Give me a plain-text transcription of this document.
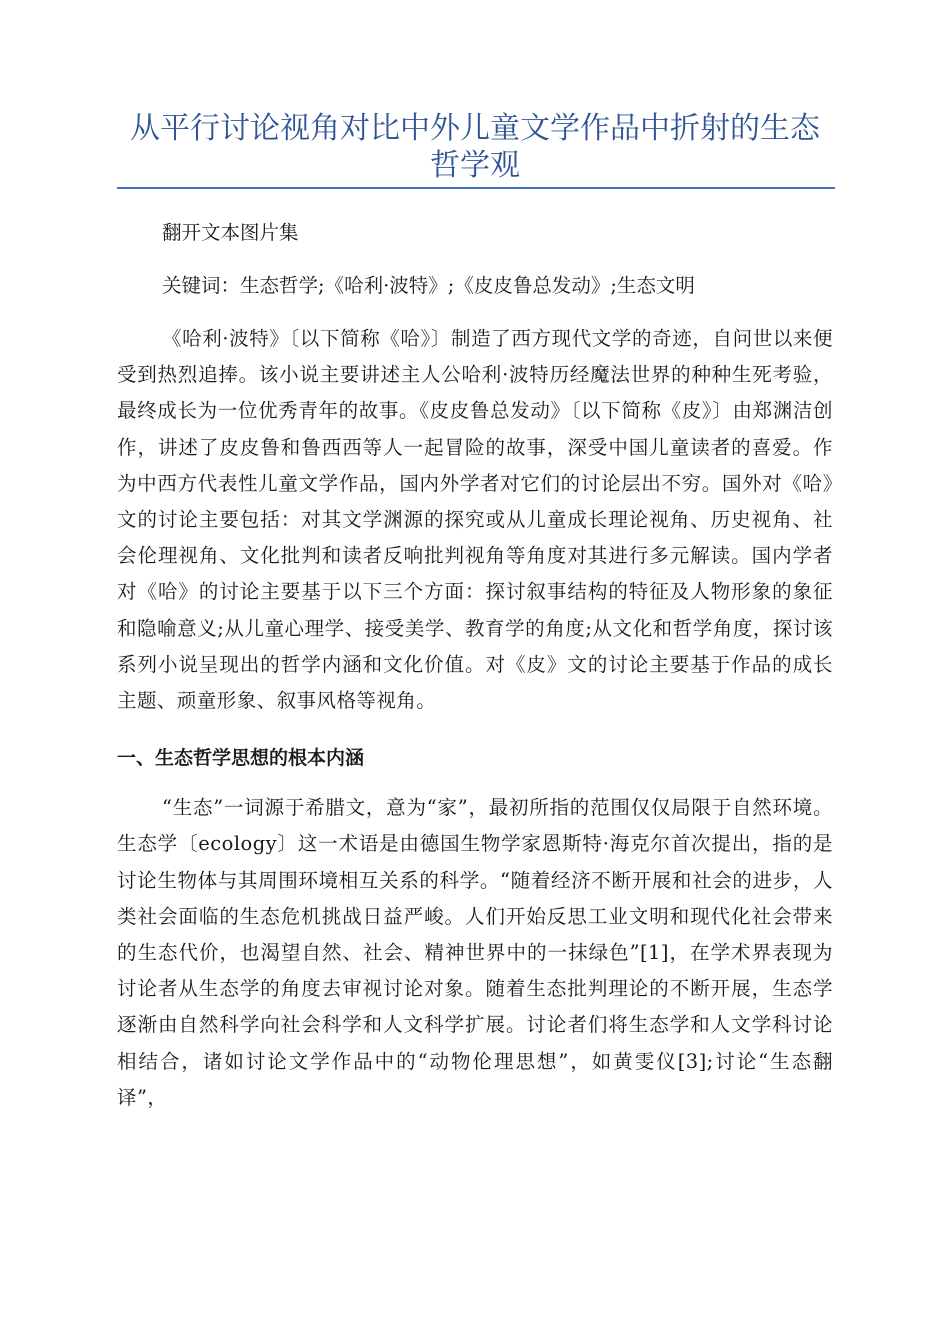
从平行讨论视角对比中外儿童文学作品中折射的生态哲学观

翻开文本图片集

关键词：生态哲学;《哈利·波特》;《皮皮鲁总发动》;生态文明

《哈利·波特》〔以下简称《哈》〕制造了西方现代文学的奇迹，自问世以来便受到热烈追捧。该小说主要讲述主人公哈利·波特历经魔法世界的种种生死考验，最终成长为一位优秀青年的故事。《皮皮鲁总发动》〔以下简称《皮》〕由郑渊洁创作，讲述了皮皮鲁和鲁西西等人一起冒险的故事，深受中国儿童读者的喜爱。作为中西方代表性儿童文学作品，国内外学者对它们的讨论层出不穷。国外对《哈》文的讨论主要包括：对其文学渊源的探究或从儿童成长理论视角、历史视角、社会伦理视角、文化批判和读者反响批判视角等角度对其进行多元解读。国内学者对《哈》的讨论主要基于以下三个方面：探讨叙事结构的特征及人物形象的象征和隐喻意义;从儿童心理学、接受美学、教育学的角度;从文化和哲学角度，探讨该系列小说呈现出的哲学内涵和文化价值。对《皮》文的讨论主要基于作品的成长主题、顽童形象、叙事风格等视角。

一、生态哲学思想的根本内涵

“生态”一词源于希腊文，意为“家”，最初所指的范围仅仅局限于自然环境。生态学〔ecology〕这一术语是由德国生物学家恩斯特·海克尔首次提出，指的是讨论生物体与其周围环境相互关系的科学。“随着经济不断开展和社会的进步，人类社会面临的生态危机挑战日益严峻。人们开始反思工业文明和现代化社会带来的生态代价，也渴望自然、社会、精神世界中的一抹绿色”[1]，在学术界表现为讨论者从生态学的角度去审视讨论对象。随着生态批判理论的不断开展，生态学逐渐由自然科学向社会科学和人文科学扩展。讨论者们将生态学和人文学科讨论相结合，诸如讨论文学作品中的“动物伦理思想”，如黄雯仪[3];讨论“生态翻译”，
